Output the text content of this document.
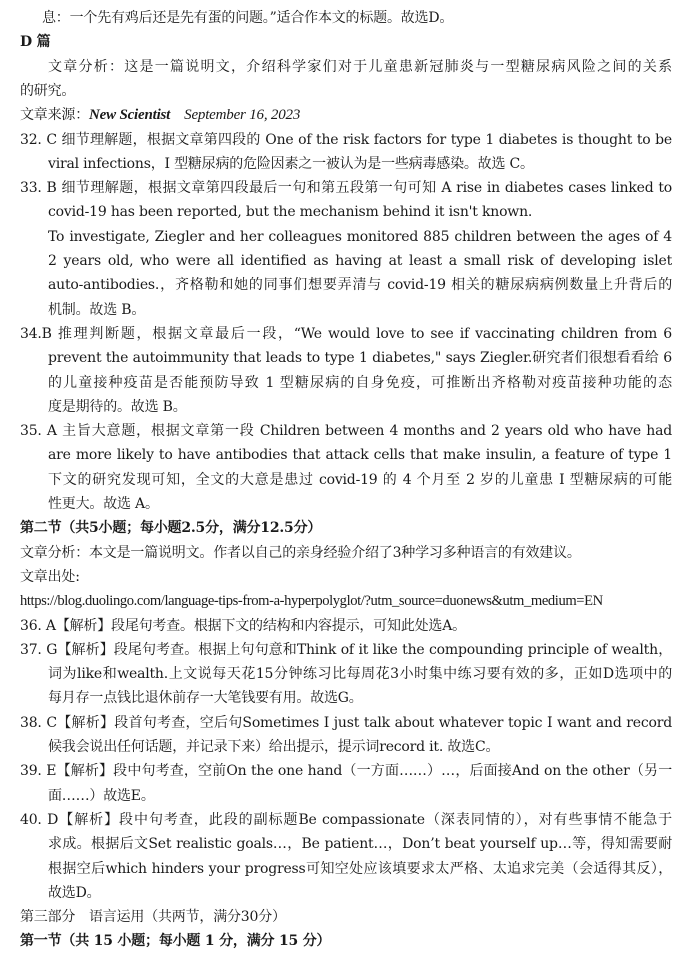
息：一个先有鸡后还是先有蛋的问题。”适合作本文的标题。故选D。
D 篇
文章分析：这是一篇说明文，介绍科学家们对于儿童患新冠肺炎与一型糖尿病风险之间的关系
的研究。
文章来源：New Scientist September 16, 2023
32. C 细节理解题，根据文章第四段的 One of the risk factors for type 1 diabetes is thought to be
viral infections，I 型糖尿病的危险因素之一被认为是一些病毒感染。故选 C。
33. B 细节理解题，根据文章第四段最后一句和第五段第一句可知 A rise in diabetes cases linked to
covid-19 has been reported, but the mechanism behind it isn't known.
To investigate, Ziegler and her colleagues monitored 885 children between the ages of 4
2 years old, who were all identified as having at least a small risk of developing islet
auto-antibodies.，齐格勒和她的同事们想要弄清与 covid-19 相关的糖尿病病例数量上升背后的
机制。故选 B。
34.B 推理判断题，根据文章最后一段，“We would love to see if vaccinating children from 6
prevent the autoimmunity that leads to type 1 diabetes," says Ziegler.研究者们很想看看给 6
的儿童接种疫苗是否能预防导致 1 型糖尿病的自身免疫，可推断出齐格勒对疫苗接种功能的态
度是期待的。故选 B。
35. A 主旨大意题，根据文章第一段 Children between 4 months and 2 years old who have had
are more likely to have antibodies that attack cells that make insulin, a feature of type 1
下文的研究发现可知，全文的大意是患过 covid-19 的 4 个月至 2 岁的儿童患 I 型糖尿病的可能
性更大。故选 A。
第二节（共5小题；每小题2.5分，满分12.5分）
文章分析：本文是一篇说明文。作者以自己的亲身经验介绍了3种学习多种语言的有效建议。
文章出处:
https://blog.duolingo.com/language-tips-from-a-hyperpolyglot/?utm_source=duonews&utm_medium=EN
36. A【解析】段尾句考查。根据下文的结构和内容提示，可知此处选A。
37. G【解析】段尾句考查。根据上句句意和Think of it like the compounding principle of wealth，
词为like和wealth.上文说每天花15分钟练习比每周花3小时集中练习要有效的多，正如D选项中的
每月存一点钱比退休前存一大笔钱要有用。故选G。
38. C【解析】段首句考查，空后句Sometimes I just talk about whatever topic I want and record
候我会说出任何话题，并记录下来）给出提示，提示词record it. 故选C。
39. E【解析】段中句考查，空前On the one hand（一方面……）…，后面接And on the other（另一
面……）故选E。
40. D【解析】段中句考查，此段的副标题Be compassionate（深表同情的），对有些事情不能急于
求成。根据后文Set realistic goals…，Be patient…，Don’t beat yourself up…等，得知需要耐
根据空后which hinders your progress可知空处应该填要求太严格、太追求完美（会适得其反），
故选D。
第三部分　语言运用（共两节，满分30分）
第一节（共 15 小题；每小题 1 分，满分 15 分）
